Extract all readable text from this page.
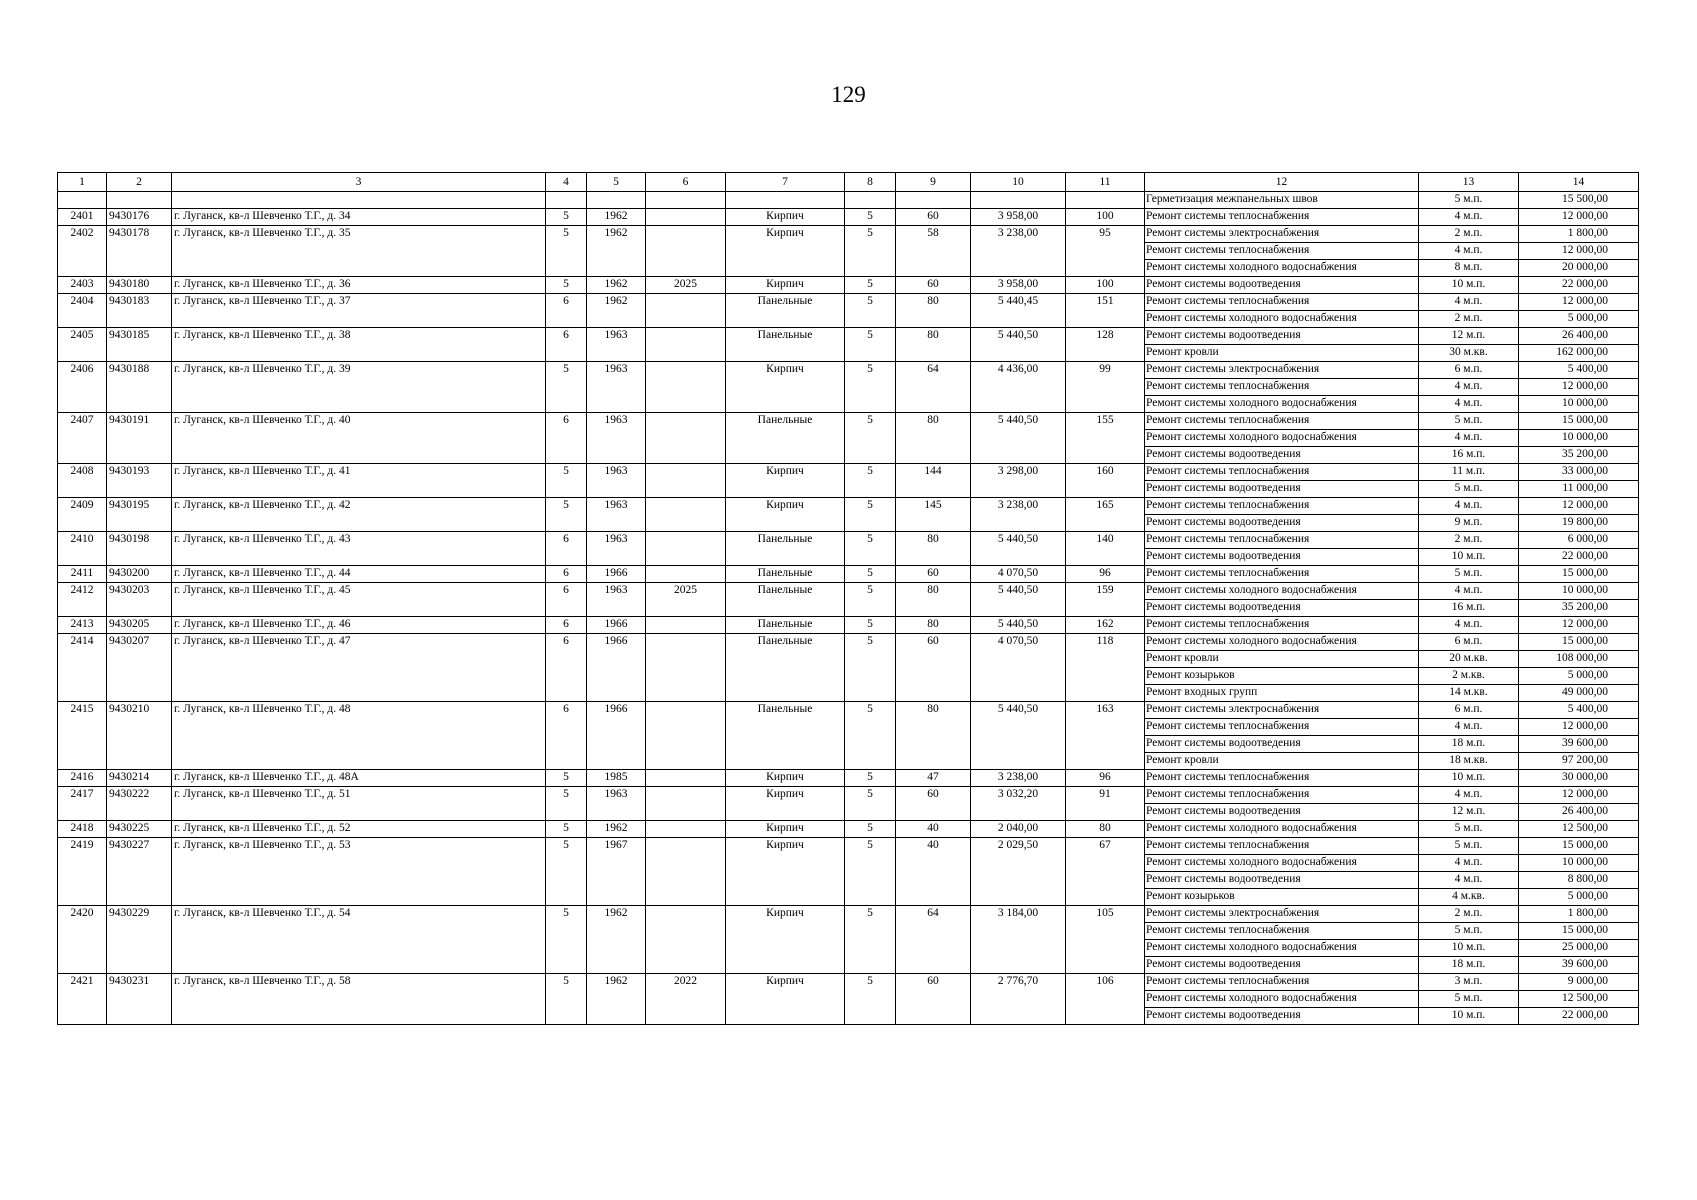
129
1	2	3	4	5	6	7	8	9	10	11	12	13	14
											Герметизация межпанельных швов	5 м.п.	15 500,00
2401	9430176	г. Луганск, кв-л Шевченко Т.Г., д. 34	5	1962		Кирпич	5	60	3 958,00	100	Ремонт системы теплоснабжения	4 м.п.	12 000,00
2402	9430178	г. Луганск, кв-л Шевченко Т.Г., д. 35	5	1962		Кирпич	5	58	3 238,00	95	Ремонт системы электроснабжения	2 м.п.	1 800,00
											Ремонт системы теплоснабжения	4 м.п.	12 000,00
											Ремонт системы холодного водоснабжения	8 м.п.	20 000,00
2403	9430180	г. Луганск, кв-л Шевченко Т.Г., д. 36	5	1962	2025	Кирпич	5	60	3 958,00	100	Ремонт системы водоотведения	10 м.п.	22 000,00
2404	9430183	г. Луганск, кв-л Шевченко Т.Г., д. 37	6	1962		Панельные	5	80	5 440,45	151	Ремонт системы теплоснабжения	4 м.п.	12 000,00
											Ремонт системы холодного водоснабжения	2 м.п.	5 000,00
2405	9430185	г. Луганск, кв-л Шевченко Т.Г., д. 38	6	1963		Панельные	5	80	5 440,50	128	Ремонт системы водоотведения	12 м.п.	26 400,00
											Ремонт кровли	30 м.кв.	162 000,00
2406	9430188	г. Луганск, кв-л Шевченко Т.Г., д. 39	5	1963		Кирпич	5	64	4 436,00	99	Ремонт системы электроснабжения	6 м.п.	5 400,00
											Ремонт системы теплоснабжения	4 м.п.	12 000,00
											Ремонт системы холодного водоснабжения	4 м.п.	10 000,00
2407	9430191	г. Луганск, кв-л Шевченко Т.Г., д. 40	6	1963		Панельные	5	80	5 440,50	155	Ремонт системы теплоснабжения	5 м.п.	15 000,00
											Ремонт системы холодного водоснабжения	4 м.п.	10 000,00
											Ремонт системы водоотведения	16 м.п.	35 200,00
2408	9430193	г. Луганск, кв-л Шевченко Т.Г., д. 41	5	1963		Кирпич	5	144	3 298,00	160	Ремонт системы теплоснабжения	11 м.п.	33 000,00
											Ремонт системы водоотведения	5 м.п.	11 000,00
2409	9430195	г. Луганск, кв-л Шевченко Т.Г., д. 42	5	1963		Кирпич	5	145	3 238,00	165	Ремонт системы теплоснабжения	4 м.п.	12 000,00
											Ремонт системы водоотведения	9 м.п.	19 800,00
2410	9430198	г. Луганск, кв-л Шевченко Т.Г., д. 43	6	1963		Панельные	5	80	5 440,50	140	Ремонт системы теплоснабжения	2 м.п.	6 000,00
											Ремонт системы водоотведения	10 м.п.	22 000,00
2411	9430200	г. Луганск, кв-л Шевченко Т.Г., д. 44	6	1966		Панельные	5	60	4 070,50	96	Ремонт системы теплоснабжения	5 м.п.	15 000,00
2412	9430203	г. Луганск, кв-л Шевченко Т.Г., д. 45	6	1963	2025	Панельные	5	80	5 440,50	159	Ремонт системы холодного водоснабжения	4 м.п.	10 000,00
											Ремонт системы водоотведения	16 м.п.	35 200,00
2413	9430205	г. Луганск, кв-л Шевченко Т.Г., д. 46	6	1966		Панельные	5	80	5 440,50	162	Ремонт системы теплоснабжения	4 м.п.	12 000,00
2414	9430207	г. Луганск, кв-л Шевченко Т.Г., д. 47	6	1966		Панельные	5	60	4 070,50	118	Ремонт системы холодного водоснабжения	6 м.п.	15 000,00
											Ремонт кровли	20 м.кв.	108 000,00
											Ремонт козырьков	2 м.кв.	5 000,00
											Ремонт входных групп	14 м.кв.	49 000,00
2415	9430210	г. Луганск, кв-л Шевченко Т.Г., д. 48	6	1966		Панельные	5	80	5 440,50	163	Ремонт системы электроснабжения	6 м.п.	5 400,00
											Ремонт системы теплоснабжения	4 м.п.	12 000,00
											Ремонт системы водоотведения	18 м.п.	39 600,00
											Ремонт кровли	18 м.кв.	97 200,00
2416	9430214	г. Луганск, кв-л Шевченко Т.Г., д. 48А	5	1985		Кирпич	5	47	3 238,00	96	Ремонт системы теплоснабжения	10 м.п.	30 000,00
2417	9430222	г. Луганск, кв-л Шевченко Т.Г., д. 51	5	1963		Кирпич	5	60	3 032,20	91	Ремонт системы теплоснабжения	4 м.п.	12 000,00
											Ремонт системы водоотведения	12 м.п.	26 400,00
2418	9430225	г. Луганск, кв-л Шевченко Т.Г., д. 52	5	1962		Кирпич	5	40	2 040,00	80	Ремонт системы холодного водоснабжения	5 м.п.	12 500,00
2419	9430227	г. Луганск, кв-л Шевченко Т.Г., д. 53	5	1967		Кирпич	5	40	2 029,50	67	Ремонт системы теплоснабжения	5 м.п.	15 000,00
											Ремонт системы холодного водоснабжения	4 м.п.	10 000,00
											Ремонт системы водоотведения	4 м.п.	8 800,00
											Ремонт козырьков	4 м.кв.	5 000,00
2420	9430229	г. Луганск, кв-л Шевченко Т.Г., д. 54	5	1962		Кирпич	5	64	3 184,00	105	Ремонт системы электроснабжения	2 м.п.	1 800,00
											Ремонт системы теплоснабжения	5 м.п.	15 000,00
											Ремонт системы холодного водоснабжения	10 м.п.	25 000,00
											Ремонт системы водоотведения	18 м.п.	39 600,00
2421	9430231	г. Луганск, кв-л Шевченко Т.Г., д. 58	5	1962	2022	Кирпич	5	60	2 776,70	106	Ремонт системы теплоснабжения	3 м.п.	9 000,00
											Ремонт системы холодного водоснабжения	5 м.п.	12 500,00
											Ремонт системы водоотведения	10 м.п.	22 000,00
